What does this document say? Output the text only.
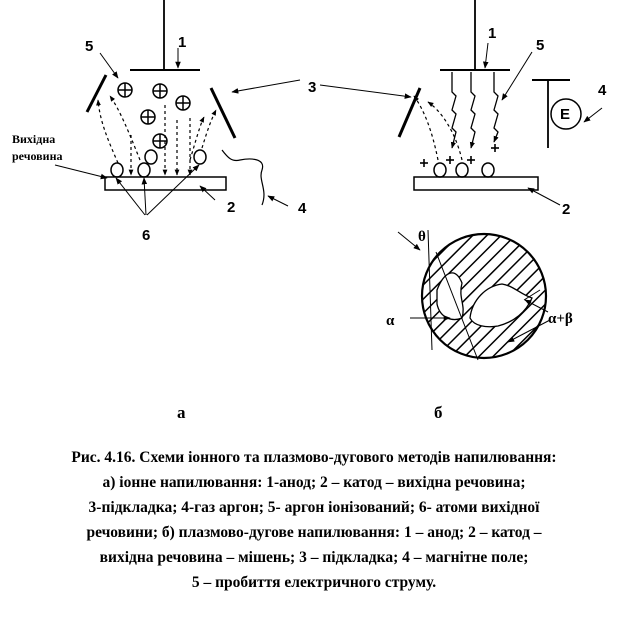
1
5
Вихідна
речовина
2	4
6
3
а
1
5
4
E
2
θ
α	α+β
б
Рис. 4.16. Схеми іонного та плазмово-дугового методів напилювання:
а) іонне напилювання: 1-анод; 2 – катод – вихідна речовина;
3-підкладка; 4-газ аргон; 5- аргон іонізований; 6- атоми вихідної
речовини; б) плазмово-дугове напилювання: 1 – анод; 2 – катод –
вихідна речовина – мішень; 3 – підкладка; 4 – магнітне поле;
5 – пробиття електричного струму.
